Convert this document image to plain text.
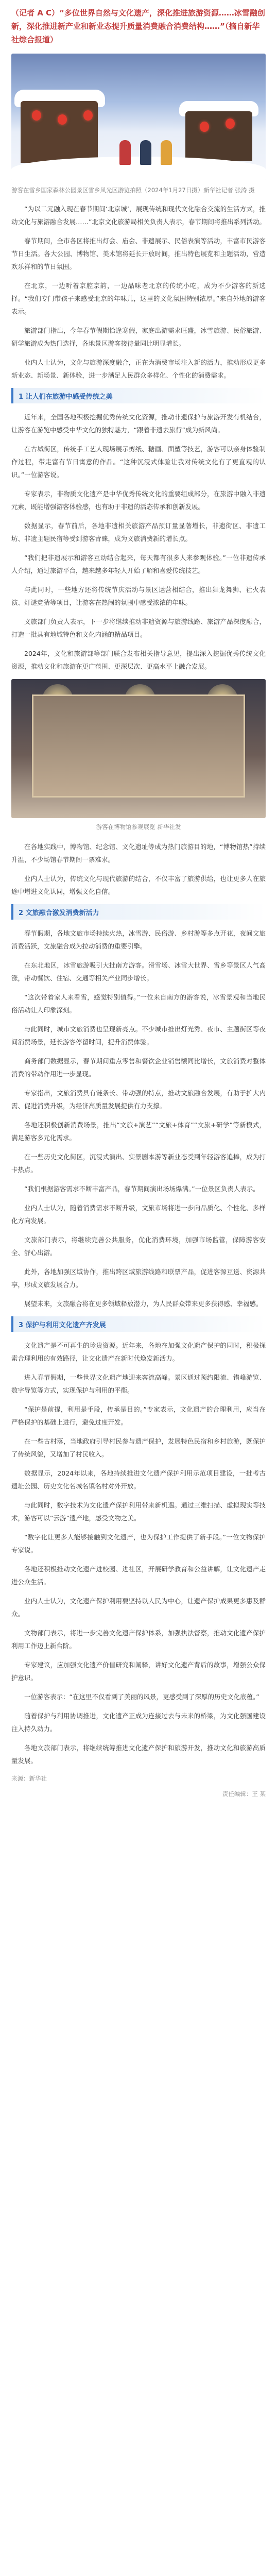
（记者 A C）“多位世界自然与文化遗产，深化推进旅游资源……冰雪融创新，深化推进新产业和新业态提升质量消费融合消费结构……”（摘自新华社综合报道）
游客在雪乡国家森林公园景区雪乡风光区游览拍照（2024年1月27日摄）新华社记者 张涛 摄
“为以二元融入现在春节期间‘北京城’，展现传统和现代文化融合交流的生活方式，推动文化与旅游融合发展……”北京文化旅游局相关负责人表示，春节期间将推出系列活动。
春节期间，全市各区将推出灯会、庙会、非遗展示、民俗表演等活动，丰富市民游客节日生活。各大公园、博物馆、美术馆将延长开放时间，推出特色展览和主题活动，营造欢乐祥和的节日氛围。
在北京，一边听着京腔京韵，一边品味老北京的传统小吃，成为不少游客的新选择。“我们专门带孩子来感受北京的年味儿，这里的文化氛围特别浓厚。”来自外地的游客表示。
旅游部门指出，今年春节假期恰逢寒假，家庭出游需求旺盛，冰雪旅游、民俗旅游、研学旅游成为热门选择，各地景区游客接待量同比明显增长。
业内人士认为，文化与旅游深度融合，正在为消费市场注入新的活力，推动形成更多新业态、新场景、新体验，进一步满足人民群众多样化、个性化的消费需求。
1 让人们在旅游中感受传统之美
近年来，全国各地积极挖掘优秀传统文化资源，推动非遗保护与旅游开发有机结合，让游客在游览中感受中华文化的独特魅力，“跟着非遗去旅行”成为新风尚。
在古城街区，传统手工艺人现场展示剪纸、糖画、面塑等技艺，游客可以亲身体验制作过程，带走富有节日寓意的作品。“这种沉浸式体验让我对传统文化有了更直观的认识。”一位游客说。
专家表示，非物质文化遗产是中华优秀传统文化的重要组成部分，在旅游中融入非遗元素，既能增强游客体验感，也有助于非遗的活态传承和创新发展。
数据显示，春节前后，各地非遗相关旅游产品预订量显著增长，非遗街区、非遗工坊、非遗主题民宿等受到游客青睐，成为文旅消费新的增长点。
“我们把非遗展示和游客互动结合起来，每天都有很多人来参观体验。”一位非遗传承人介绍，通过旅游平台，越来越多年轻人开始了解和喜爱传统技艺。
与此同时，一些地方还将传统节庆活动与景区运营相结合，推出舞龙舞狮、社火表演、灯谜竞猜等项目，让游客在热闹的氛围中感受浓浓的年味。
文旅部门负责人表示，下一步将继续推动非遗资源与旅游线路、旅游产品深度融合，打造一批具有地域特色和文化内涵的精品项目。
2024年，文化和旅游部等部门联合发布相关指导意见，提出深入挖掘优秀传统文化资源，推动文化和旅游在更广范围、更深层次、更高水平上融合发展。
游客在博物馆参观展览 新华社发
在各地实践中，博物馆、纪念馆、文化遗址等成为热门旅游目的地，“博物馆热”持续升温，不少场馆春节期间一票难求。
业内人士认为，传统文化与现代旅游的结合，不仅丰富了旅游供给，也让更多人在旅途中增进文化认同，增强文化自信。
2 文旅融合激发消费新活力
春节假期，各地文旅市场持续火热，冰雪游、民俗游、乡村游等多点开花，夜间文旅消费活跃，文旅融合成为拉动消费的重要引擎。
在东北地区，冰雪旅游吸引大批南方游客。滑雪场、冰雪大世界、雪乡等景区人气高涨，带动餐饮、住宿、交通等相关产业同步增长。
“这次带着家人来看雪，感觉特别值得。”一位来自南方的游客说，冰雪景观和当地民俗活动让人印象深刻。
与此同时，城市文旅消费也呈现新亮点。不少城市推出灯光秀、夜市、主题街区等夜间消费场景，延长游客停留时间，提升消费体验。
商务部门数据显示，春节期间重点零售和餐饮企业销售额同比增长，文旅消费对整体消费的带动作用进一步显现。
专家指出，文旅消费具有链条长、带动强的特点，推动文旅融合发展，有助于扩大内需、促进消费升级，为经济高质量发展提供有力支撑。
各地还积极创新消费场景，推出“文旅+演艺”“文旅+体育”“文旅+研学”等新模式，满足游客多元化需求。
在一些历史文化街区，沉浸式演出、实景剧本游等新业态受到年轻游客追捧，成为打卡热点。
“我们根据游客需求不断丰富产品，春节期间演出场场爆满。”一位景区负责人表示。
业内人士认为，随着消费需求不断升级，文旅市场将进一步向品质化、个性化、多样化方向发展。
文旅部门表示，将继续完善公共服务，优化消费环境，加强市场监管，保障游客安全、舒心出游。
此外，各地加强区域协作，推出跨区域旅游线路和联票产品，促进客源互送、资源共享，形成文旅发展合力。
展望未来，文旅融合将在更多领域释放潜力，为人民群众带来更多获得感、幸福感。
3 保护与利用文化遗产齐发展
文化遗产是不可再生的珍贵资源。近年来，各地在加强文化遗产保护的同时，积极探索合理利用的有效路径，让文化遗产在新时代焕发新活力。
进入春节假期，一些世界文化遗产地迎来客流高峰。景区通过预约限流、错峰游览、数字导览等方式，实现保护与利用的平衡。
“保护是前提，利用是手段，传承是目的。”专家表示，文化遗产的合理利用，应当在严格保护的基础上进行，避免过度开发。
在一些古村落，当地政府引导村民参与遗产保护，发展特色民宿和乡村旅游，既保护了传统风貌，又增加了村民收入。
数据显示，2024年以来，各地持续推进文化遗产保护利用示范项目建设，一批考古遗址公园、历史文化名城名镇名村对外开放。
与此同时，数字技术为文化遗产保护利用带来新机遇。通过三维扫描、虚拟现实等技术，游客可以“云游”遗产地，感受文物之美。
“数字化让更多人能够接触到文化遗产，也为保护工作提供了新手段。”一位文物保护专家说。
各地还积极推动文化遗产进校园、进社区，开展研学教育和公益讲解，让文化遗产走进公众生活。
业内人士认为，文化遗产保护利用要坚持以人民为中心，让遗产保护成果更多惠及群众。
文物部门表示，将进一步完善文化遗产保护体系，加强执法督察，推动文化遗产保护利用工作迈上新台阶。
专家建议，应加强文化遗产价值研究和阐释，讲好文化遗产背后的故事，增强公众保护意识。
一位游客表示：“在这里不仅看到了美丽的风景，更感受到了深厚的历史文化底蕴。”
随着保护与利用协调推进，文化遗产正成为连接过去与未来的桥梁，为文化强国建设注入持久动力。
各地文旅部门表示，将继续统筹推进文化遗产保护和旅游开发，推动文化和旅游高质量发展。
来源：新华社
责任编辑：王 某
